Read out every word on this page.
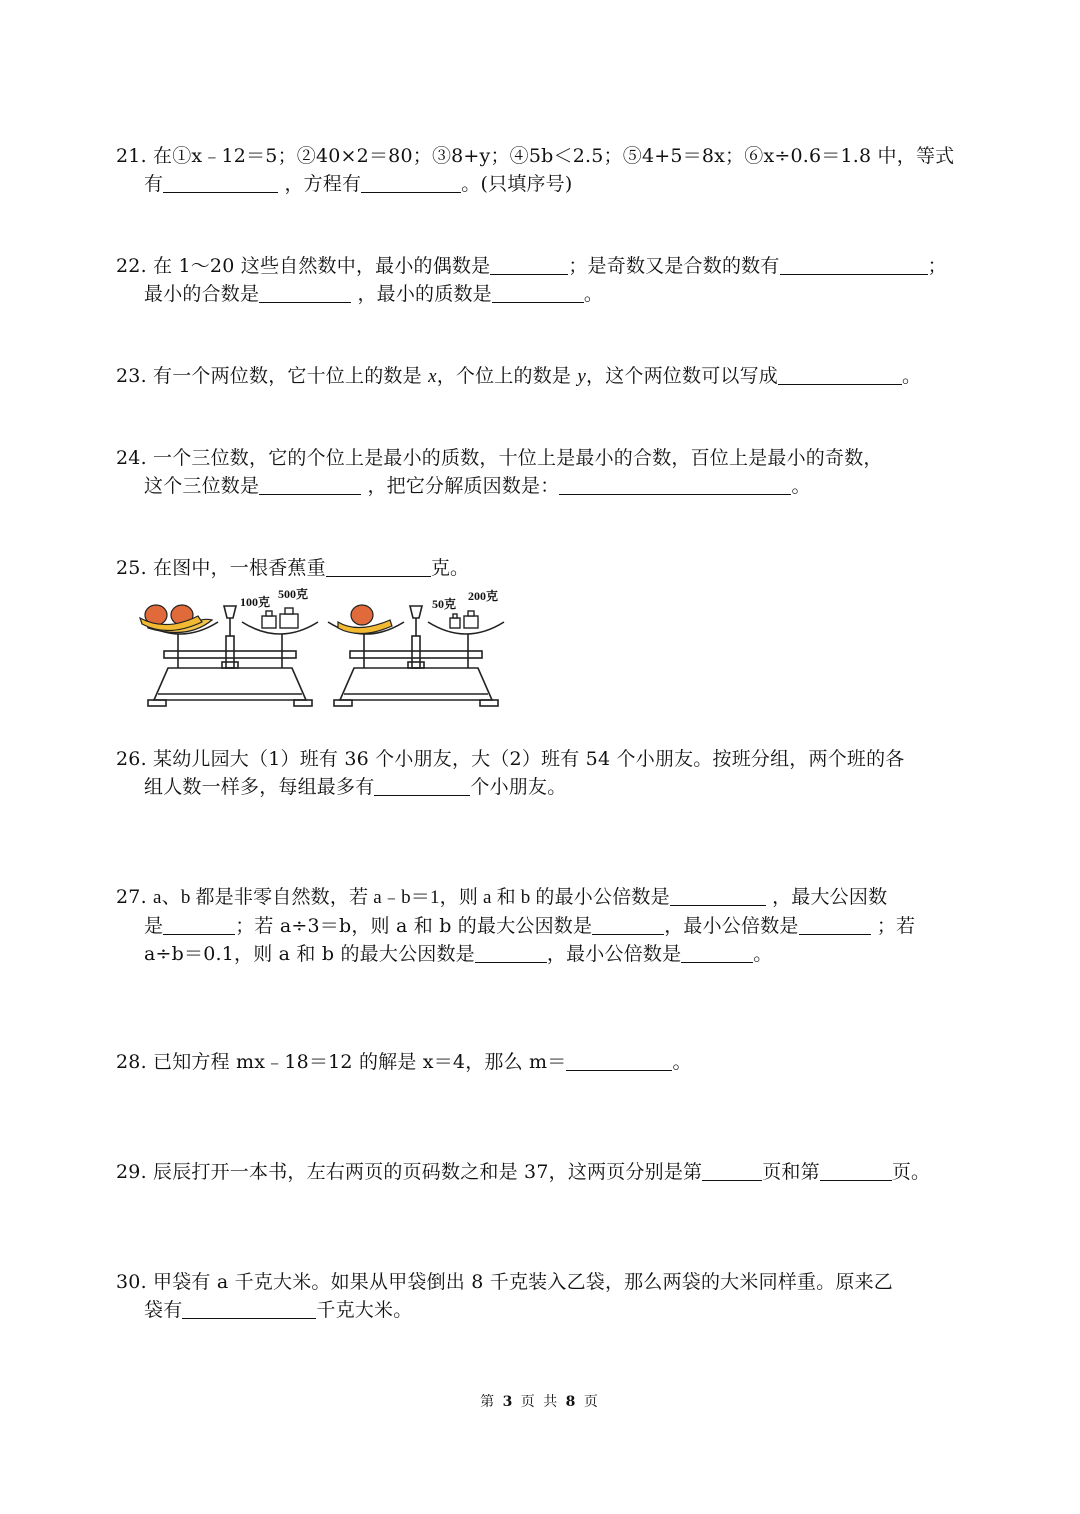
21. 在①x﹣12＝5；②40×2＝80；③8+y；④5b＜2.5；⑤4+5＝8x；⑥x÷0.6＝1.8 中，等式
有	，方程有	。(只填序号)
22. 在 1～20 这些自然数中，最小的偶数是	；是奇数又是合数的数有	；
最小的合数是	，最小的质数是	。
23. 有一个两位数，它十位上的数是 x，个位上的数是 y，这个两位数可以写成	。
24. 一个三位数，它的个位上是最小的质数，十位上是最小的合数，百位上是最小的奇数，
这个三位数是	，把它分解质因数是：	。
25. 在图中，一根香蕉重	克。
100克
500克
50克
200克
26. 某幼儿园大（1）班有 36 个小朋友，大（2）班有 54 个小朋友。按班分组，两个班的各
组人数一样多，每组最多有	个小朋友。
27. a、b 都是非零自然数，若 a﹣b＝1，则 a 和 b 的最小公倍数是	，最大公因数
是	；若 a÷3＝b，则 a 和 b 的最大公因数是	，最小公倍数是	；若
a÷b＝0.1，则 a 和 b 的最大公因数是	，最小公倍数是	。
28. 已知方程 mx﹣18＝12 的解是 x＝4，那么 m＝	。
29. 辰辰打开一本书，左右两页的页码数之和是 37，这两页分别是第	页和第	页。
30. 甲袋有 a 千克大米。如果从甲袋倒出 8 千克装入乙袋，那么两袋的大米同样重。原来乙
袋有	千克大米。
第 3 页 共 8 页
